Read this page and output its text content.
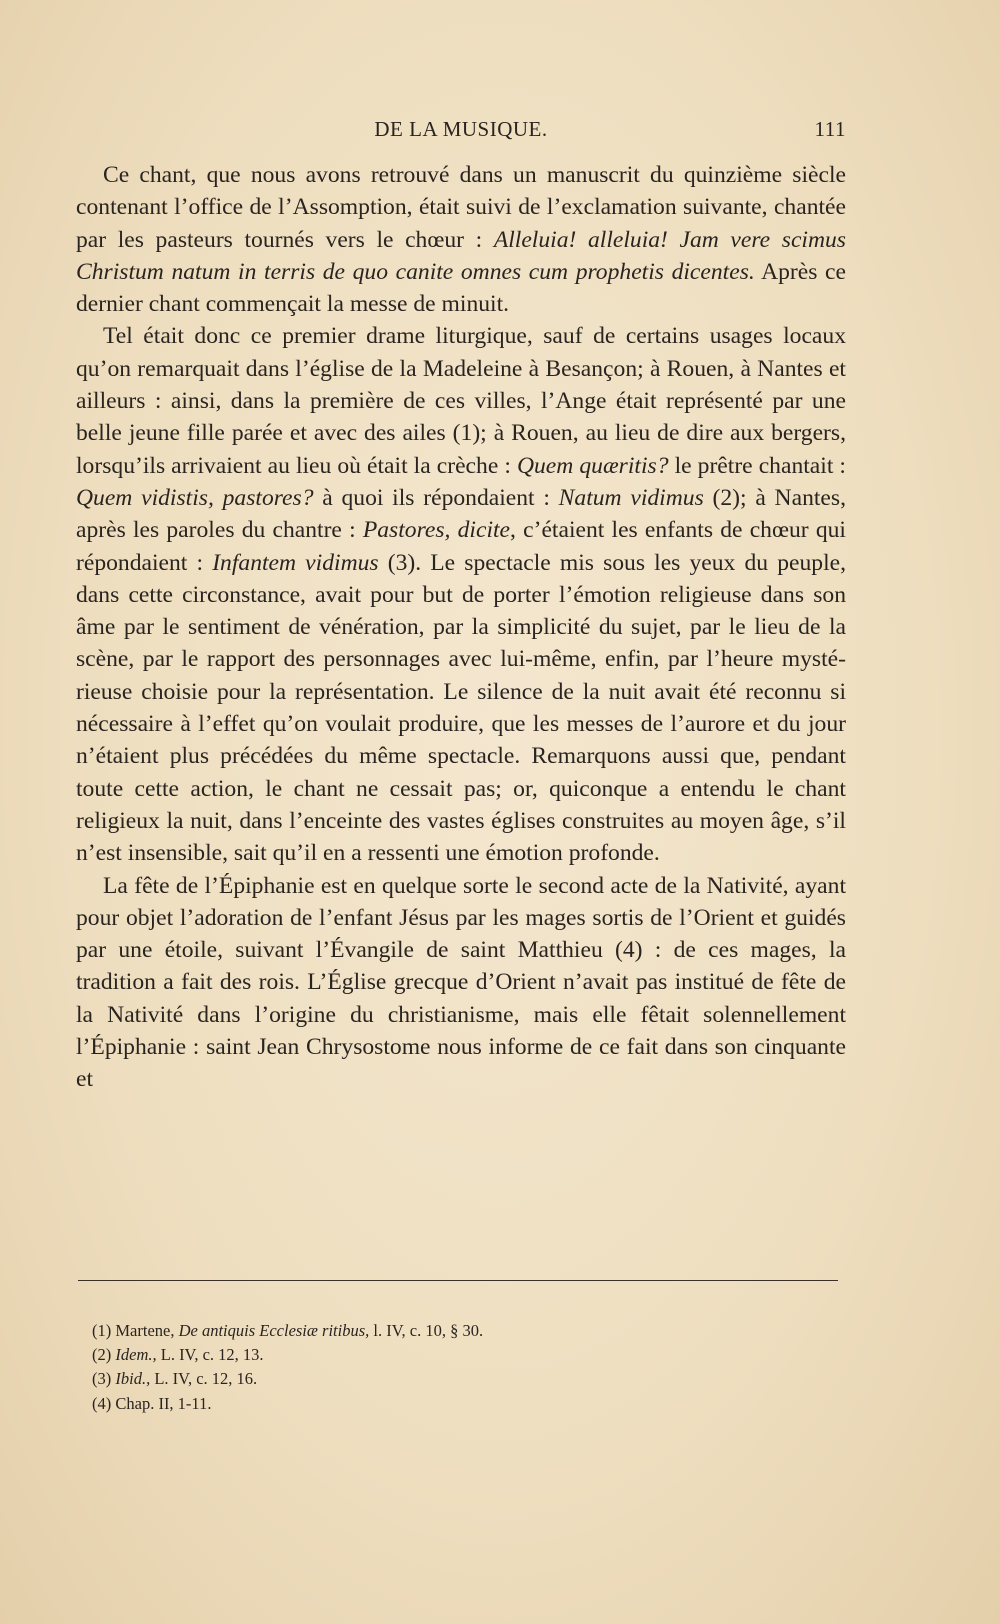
DE LA MUSIQUE.	111

Ce chant, que nous avons retrouvé dans un manuscrit du quinzième siècle contenant l’office de l’Assomption, était suivi de l’exclamation suivante, chantée par les pasteurs tournés vers le chœur : Alleluia! alleluia! Jam vere scimus Christum natum in terris de quo canite omnes cum prophetis dicentes. Après ce dernier chant commençait la messe de minuit.

Tel était donc ce premier drame liturgique, sauf de certains usages locaux qu’on remarquait dans l’église de la Madeleine à Besançon; à Rouen, à Nantes et ailleurs : ainsi, dans la première de ces villes, l’Ange était représenté par une belle jeune fille parée et avec des ailes (1); à Rouen, au lieu de dire aux bergers, lorsqu’ils arrivaient au lieu où était la crèche : Quem quæritis? le prêtre chantait : Quem vidistis, pastores? à quoi ils répondaient : Natum vidimus (2); à Nantes, après les paroles du chantre : Pastores, dicite, c’étaient les enfants de chœur qui répondaient : Infantem vidimus (3). Le spectacle mis sous les yeux du peuple, dans cette circonstance, avait pour but de porter l’émotion religieuse dans son âme par le sentiment de vénération, par la simplicité du sujet, par le lieu de la scène, par le rapport des personnages avec lui-même, enfin, par l’heure mystérieuse choisie pour la représentation. Le silence de la nuit avait été reconnu si nécessaire à l’effet qu’on voulait produire, que les messes de l’aurore et du jour n’étaient plus précédées du même spectacle. Remarquons aussi que, pendant toute cette action, le chant ne cessait pas; or, quiconque a entendu le chant religieux la nuit, dans l’enceinte des vastes églises construites au moyen âge, s’il n’est insensible, sait qu’il en a ressenti une émotion profonde.

La fête de l’Épiphanie est en quelque sorte le second acte de la Nativité, ayant pour objet l’adoration de l’enfant Jésus par les mages sortis de l’Orient et guidés par une étoile, suivant l’Évangile de saint Matthieu (4) : de ces mages, la tradition a fait des rois. L’Église grecque d’Orient n’avait pas institué de fête de la Nativité dans l’origine du christianisme, mais elle fêtait solennellement l’Épiphanie : saint Jean Chrysostome nous informe de ce fait dans son cinquante et

(1) Martene, De antiquis Ecclesiæ ritibus, l. IV, c. 10, § 30.
(2) Idem., L. IV, c. 12, 13.
(3) Ibid., L. IV, c. 12, 16.
(4) Chap. II, 1-11.
